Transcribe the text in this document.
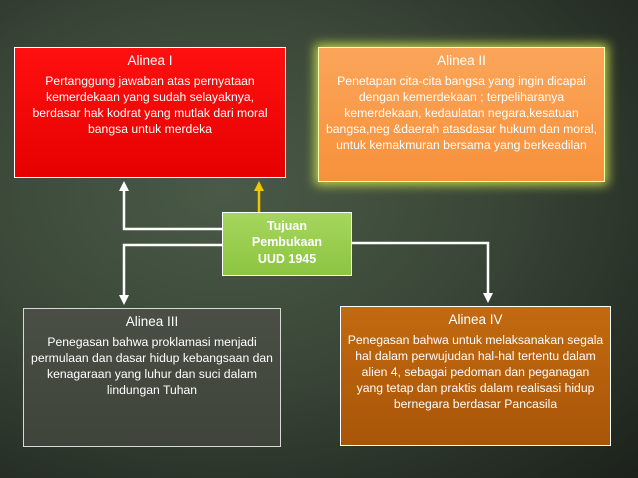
Alinea I
Pertanggung jawaban atas pernyataan kemerdekaan yang sudah selayaknya, berdasar hak kodrat yang mutlak dari moral bangsa untuk merdeka
Alinea II
Penetapan cita-cita bangsa yang ingin dicapai dengan kemerdekaan ; terpeliharanya kemerdekaan, kedaulatan negara,kesatuan bangsa,neg &daerah atasdasar hukum dan moral, untuk kemakmuran bersama yang berkeadilan
Tujuan
Pembukaan
UUD 1945
Alinea III
Penegasan bahwa proklamasi menjadi permulaan dan dasar hidup kebangsaan dan kenagaraan yang luhur dan suci dalam lindungan Tuhan
Alinea IV
Penegasan bahwa untuk melaksanakan segala hal dalam perwujudan hal-hal tertentu dalam alien 4, sebagai pedoman dan peganagan yang tetap dan praktis dalam realisasi hidup bernegara berdasar Pancasila
